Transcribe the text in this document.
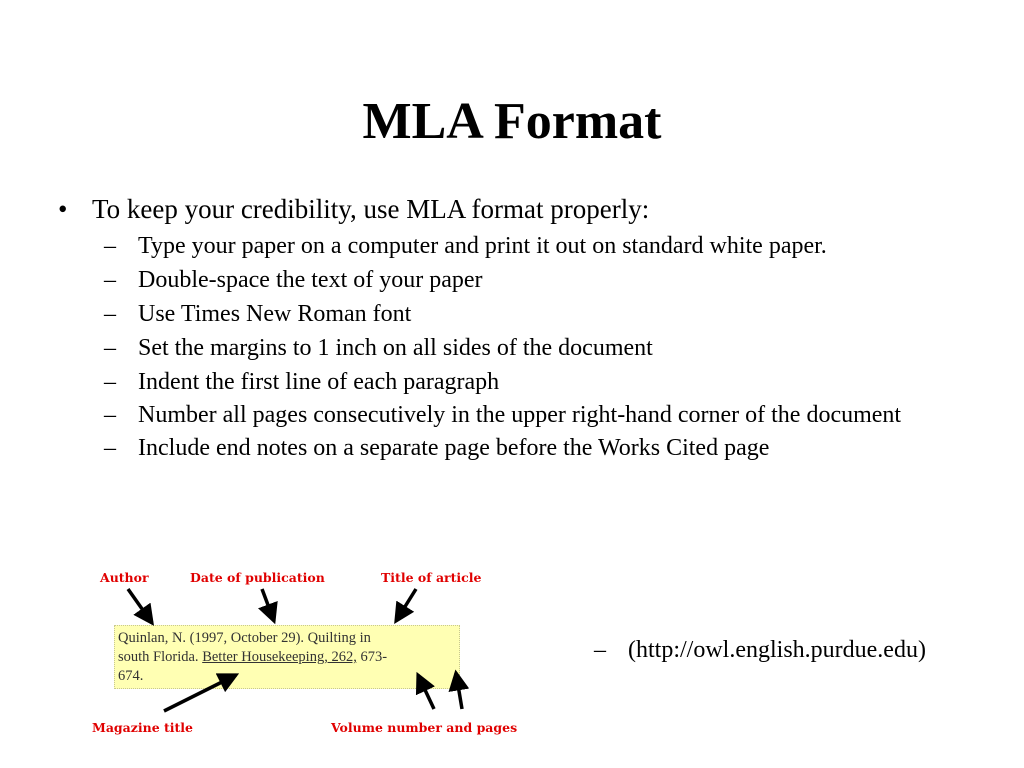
MLA Format
• To keep your credibility, use MLA format properly:
– Type your paper on a computer and print it out on standard white paper.
– Double-space the text of your paper
– Use Times New Roman font
– Set the margins to 1 inch on all sides of the document
– Indent the first line of each paragraph
– Number all pages consecutively in the upper right-hand corner of the document
– Include end notes on a separate page before the Works Cited page
Author	Date of publication	Title of article
Quinlan, N. (1997, October 29). Quilting in
south Florida. Better Housekeeping, 262, 673-
674.
Magazine title	Volume number and pages
– (http://owl.english.purdue.edu)
